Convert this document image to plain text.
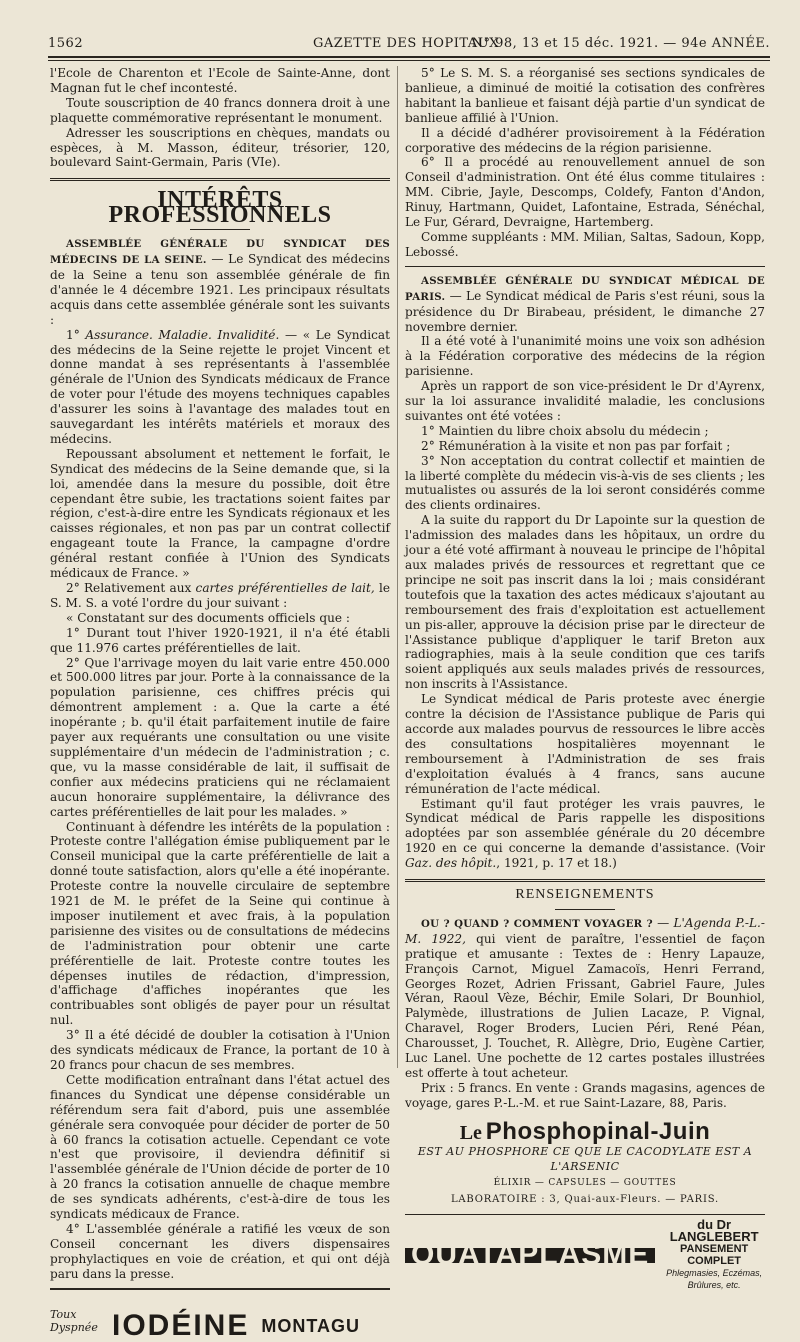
1562	GAZETTE DES HOPITAUX
N° 98, 13 et 15 déc. 1921. — 94e ANNÉE.

l'Ecole de Charenton et l'Ecole de Sainte-Anne, dont Magnan fut le chef incontesté.

Toute souscription de 40 francs donnera droit à une plaquette commémorative représentant le monument.

Adresser les souscriptions en chèques, mandats ou espèces, à M. Masson, éditeur, trésorier, 120, boulevard Saint-Germain, Paris (VIe).

INTÉRÊTS PROFESSIONNELS

ASSEMBLÉE GÉNÉRALE DU SYNDICAT DES MÉDECINS DE LA SEINE. — Le Syndicat des médecins de la Seine a tenu son assemblée générale de fin d'année le 4 décembre 1921. Les principaux résultats acquis dans cette assemblée générale sont les suivants :

1° Assurance. Maladie. Invalidité. — « Le Syndicat des médecins de la Seine rejette le projet Vincent et donne mandat à ses représentants à l'assemblée générale de l'Union des Syndicats médicaux de France de voter pour l'étude des moyens techniques capables d'assurer les soins à l'avantage des malades tout en sauvegardant les intérêts matériels et moraux des médecins.

Repoussant absolument et nettement le forfait, le Syndicat des médecins de la Seine demande que, si la loi, amendée dans la mesure du possible, doit être cependant être subie, les tractations soient faites par région, c'est-à-dire entre les Syndicats régionaux et les caisses régionales, et non pas par un contrat collectif engageant toute la France, la campagne d'ordre général restant confiée à l'Union des Syndicats médicaux de France. »

2° Relativement aux cartes préférentielles de lait, le S. M. S. a voté l'ordre du jour suivant :

« Constatant sur des documents officiels que :

1° Durant tout l'hiver 1920-1921, il n'a été établi que 11.976 cartes préférentielles de lait.

2° Que l'arrivage moyen du lait varie entre 450.000 et 500.000 litres par jour. Porte à la connaissance de la population parisienne, ces chiffres précis qui démontrent amplement : a. Que la carte a été inopérante ; b. qu'il était parfaitement inutile de faire payer aux requérants une consultation ou une visite supplémentaire d'un médecin de l'administration ; c. que, vu la masse considérable de lait, il suffisait de confier aux médecins praticiens qui ne réclamaient aucun honoraire supplémentaire, la délivrance des cartes préférentielles de lait pour les malades. »

Continuant à défendre les intérêts de la population : Proteste contre l'allégation émise publiquement par le Conseil municipal que la carte préférentielle de lait a donné toute satisfaction, alors qu'elle a été inopérante. Proteste contre la nouvelle circulaire de septembre 1921 de M. le préfet de la Seine qui continue à imposer inutilement et avec frais, à la population parisienne des visites ou de consultations de médecins de l'administration pour obtenir une carte préférentielle de lait. Proteste contre toutes les dépenses inutiles de rédaction, d'impression, d'affichage d'affiches inopérantes que les contribuables sont obligés de payer pour un résultat nul.

3° Il a été décidé de doubler la cotisation à l'Union des syndicats médicaux de France, la portant de 10 à 20 francs pour chacun de ses membres.

Cette modification entraînant dans l'état actuel des finances du Syndicat une dépense considérable un référendum sera fait d'abord, puis une assemblée générale sera convoquée pour décider de porter de 50 à 60 francs la cotisation actuelle. Cependant ce vote n'est que provisoire, il deviendra définitif si l'assemblée générale de l'Union décide de porter de 10 à 20 francs la cotisation annuelle de chaque membre de ses syndicats adhérents, c'est-à-dire de tous les syndicats médicaux de France.

4° L'assemblée générale a ratifié les vœux de son Conseil concernant les divers dispensaires prophylactiques en voie de création, et qui ont déjà paru dans la presse.

Toux
Dyspnée IODÉINE MONTAGU

5° Le S. M. S. a réorganisé ses sections syndicales de banlieue, a diminué de moitié la cotisation des confrères habitant la banlieue et faisant déjà partie d'un syndicat de banlieue affilié à l'Union.

Il a décidé d'adhérer provisoirement à la Fédération corporative des médecins de la région parisienne.

6° Il a procédé au renouvellement annuel de son Conseil d'administration. Ont été élus comme titulaires : MM. Cibrie, Jayle, Descomps, Coldefy, Fanton d'Andon, Rinuy, Hartmann, Quidet, Lafontaine, Estrada, Sénéchal, Le Fur, Gérard, Devraigne, Hartemberg.

Comme suppléants : MM. Milian, Saltas, Sadoun, Kopp, Lebossé.

ASSEMBLÉE GÉNÉRALE DU SYNDICAT MÉDICAL DE PARIS. — Le Syndicat médical de Paris s'est réuni, sous la présidence du Dr Birabeau, président, le dimanche 27 novembre dernier.

Il a été voté à l'unanimité moins une voix son adhésion à la Fédération corporative des médecins de la région parisienne.

Après un rapport de son vice-président le Dr d'Ayrenx, sur la loi assurance invalidité maladie, les conclusions suivantes ont été votées :

1° Maintien du libre choix absolu du médecin ;

2° Rémunération à la visite et non pas par forfait ;

3° Non acceptation du contrat collectif et maintien de la liberté complète du médecin vis-à-vis de ses clients ; les mutualistes ou assurés de la loi seront considérés comme des clients ordinaires.

A la suite du rapport du Dr Lapointe sur la question de l'admission des malades dans les hôpitaux, un ordre du jour a été voté affirmant à nouveau le principe de l'hôpital aux malades privés de ressources et regrettant que ce principe ne soit pas inscrit dans la loi ; mais considérant toutefois que la taxation des actes médicaux s'ajoutant au remboursement des frais d'exploitation est actuellement un pis-aller, approuve la décision prise par le directeur de l'Assistance publique d'appliquer le tarif Breton aux radiographies, mais à la seule condition que ces tarifs soient appliqués aux seuls malades privés de ressources, non inscrits à l'Assistance.

Le Syndicat médical de Paris proteste avec énergie contre la décision de l'Assistance publique de Paris qui accorde aux malades pourvus de ressources le libre accès des consultations hospitalières moyennant le remboursement à l'Administration de ses frais d'exploitation évalués à 4 francs, sans aucune rémunération de l'acte médical.

Estimant qu'il faut protéger les vrais pauvres, le Syndicat médical de Paris rappelle les dispositions adoptées par son assemblée générale du 20 décembre 1920 en ce qui concerne la demande d'assistance. (Voir Gaz. des hôpit., 1921, p. 17 et 18.)

RENSEIGNEMENTS

OU ? QUAND ? COMMENT VOYAGER ? — L'Agenda P.-L.-M. 1922, qui vient de paraître, l'essentiel de façon pratique et amusante : Textes de : Henry Lapauze, François Carnot, Miguel Zamacoïs, Henri Ferrand, Georges Rozet, Adrien Frissant, Gabriel Faure, Jules Véran, Raoul Vèze, Béchir, Emile Solari, Dr Bounhiol, Palymède, illustrations de Julien Lacaze, P. Vignal, Charavel, Roger Broders, Lucien Péri, René Péan, Charousset, J. Touchet, R. Allègre, Drio, Eugène Cartier, Luc Lanel. Une pochette de 12 cartes postales illustrées est offerte à tout acheteur.

Prix : 5 francs. En vente : Grands magasins, agences de voyage, gares P.-L.-M. et rue Saint-Lazare, 88, Paris.

Le Phosphopinal-Juin
EST AU PHOSPHORE CE QUE LE CACODYLATE EST A L'ARSENIC
ÉLIXIR — CAPSULES — GOUTTES
LABORATOIRE : 3, Quai-aux-Fleurs. — PARIS.
OUATAPLASME
du Dr LANGLEBERT
PANSEMENT COMPLET
Phlegmasies, Eczémas, Brûlures, etc.
